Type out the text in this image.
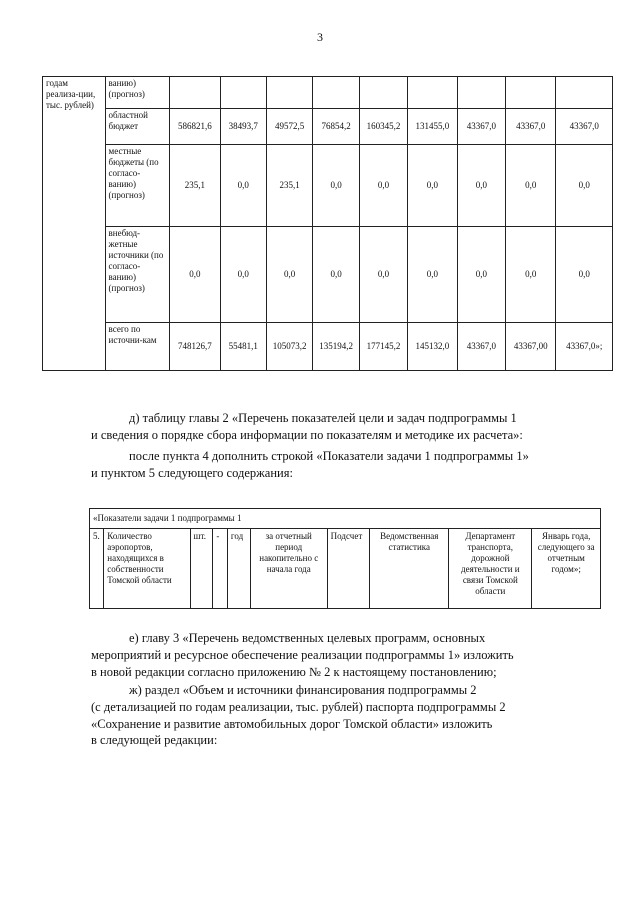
3
годам реализа-ции, тыс. рублей)	ванию) (прогноз)									
	областной бюджет	586821,6	38493,7	49572,5	76854,2	160345,2	131455,0	43367,0	43367,0	43367,0
	местные бюджеты (по согласо-ванию) (прогноз)	235,1	0,0	235,1	0,0	0,0	0,0	0,0	0,0	0,0
	внебюд-жетные источники (по согласо-ванию) (прогноз)	0,0	0,0	0,0	0,0	0,0	0,0	0,0	0,0	0,0
	всего по источни-кам	748126,7	55481,1	105073,2	135194,2	177145,2	145132,0	43367,0	43367,00	43367,0»;
д) таблицу главы 2 «Перечень показателей цели и задач подпрограммы 1
и сведения о порядке сбора информации по показателям и методике их расчета»:
после пункта 4 дополнить строкой «Показатели задачи 1 подпрограммы 1»
и пунктом 5 следующего содержания:
«Показатели задачи 1 подпрограммы 1
5.	Количество аэропортов, находящихся в собственности Томской области	шт.	-	год	за отчетный период накопительно с начала года	Подсчет	Ведомственная статистика	Департамент транспорта, дорожной деятельности и связи Томской области	Январь года, следующего за отчетным годом»;
е) главу 3 «Перечень ведомственных целевых программ, основных
мероприятий и ресурсное обеспечение реализации подпрограммы 1» изложить
в новой редакции согласно приложению № 2 к настоящему постановлению;
ж) раздел «Объем и источники финансирования подпрограммы 2
(с детализацией по годам реализации, тыс. рублей) паспорта подпрограммы 2
«Сохранение и развитие автомобильных дорог Томской области» изложить
в следующей редакции:
